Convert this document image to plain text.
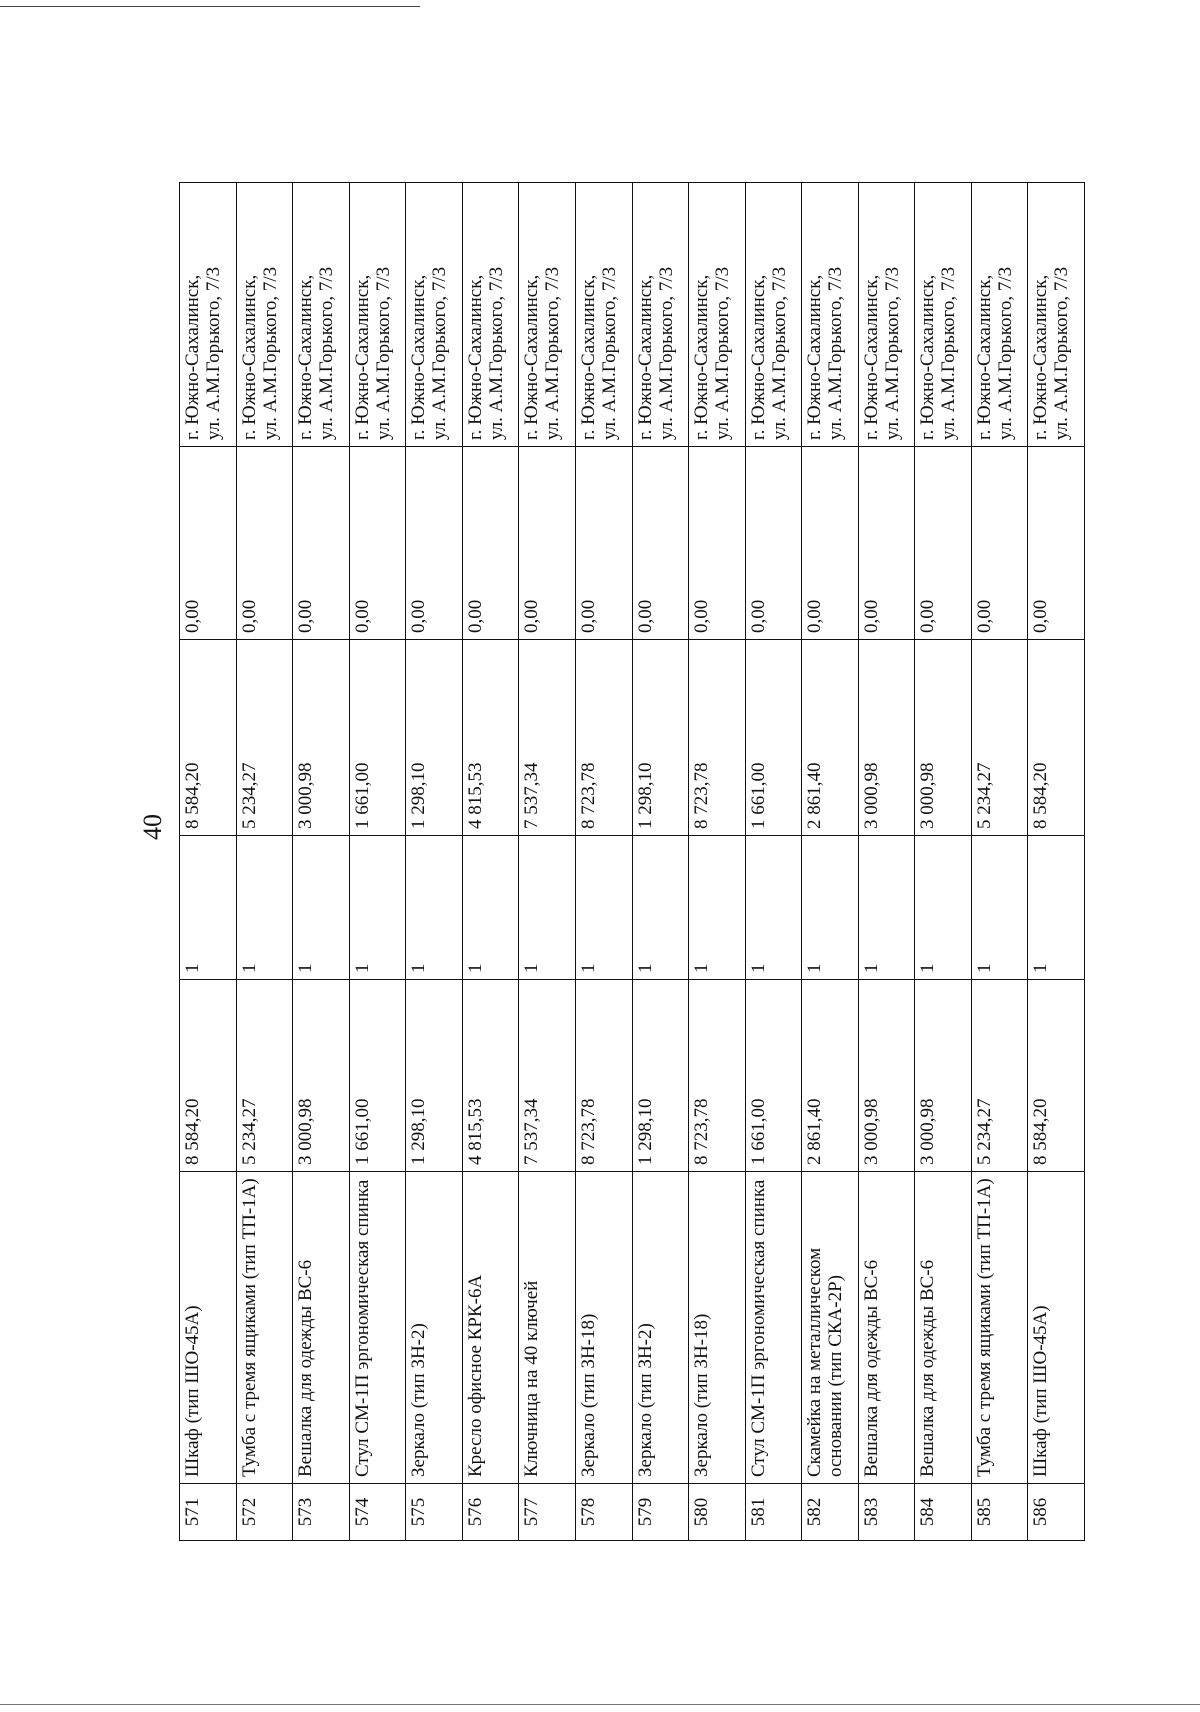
40
571	Шкаф (тип ШО-45А)	8 584,20	1	8 584,20	0,00	г. Южно-Сахалинск, ул. А.М.Горького, 7/3

572	Тумба с тремя ящиками (тип ТП-1А)	5 234,27	1	5 234,27	0,00	г. Южно-Сахалинск, ул. А.М.Горького, 7/3

573	Вешалка для одежды ВС-6	3 000,98	1	3 000,98	0,00	г. Южно-Сахалинск, ул. А.М.Горького, 7/3

574	Стул СМ-1П эргономическая спинка	1 661,00	1	1 661,00	0,00	г. Южно-Сахалинск, ул. А.М.Горького, 7/3

575	Зеркало (тип ЗН-2)	1 298,10	1	1 298,10	0,00	г. Южно-Сахалинск, ул. А.М.Горького, 7/3

576	Кресло офисное КРК-6А	4 815,53	1	4 815,53	0,00	г. Южно-Сахалинск, ул. А.М.Горького, 7/3

577	Ключница на 40 ключей	7 537,34	1	7 537,34	0,00	г. Южно-Сахалинск, ул. А.М.Горького, 7/3

578	Зеркало (тип ЗН-18)	8 723,78	1	8 723,78	0,00	г. Южно-Сахалинск, ул. А.М.Горького, 7/3

579	Зеркало (тип ЗН-2)	1 298,10	1	1 298,10	0,00	г. Южно-Сахалинск, ул. А.М.Горького, 7/3

580	Зеркало (тип ЗН-18)	8 723,78	1	8 723,78	0,00	г. Южно-Сахалинск, ул. А.М.Горького, 7/3

581	Стул СМ-1П эргономическая спинка	1 661,00	1	1 661,00	0,00	г. Южно-Сахалинск, ул. А.М.Горького, 7/3

582	Скамейка на металлическом основании (тип СКА-2Р)	2 861,40	1	2 861,40	0,00	г. Южно-Сахалинск, ул. А.М.Горького, 7/3

583	Вешалка для одежды ВС-6	3 000,98	1	3 000,98	0,00	г. Южно-Сахалинск, ул. А.М.Горького, 7/3

584	Вешалка для одежды ВС-6	3 000,98	1	3 000,98	0,00	г. Южно-Сахалинск, ул. А.М.Горького, 7/3

585	Тумба с тремя ящиками (тип ТП-1А)	5 234,27	1	5 234,27	0,00	г. Южно-Сахалинск, ул. А.М.Горького, 7/3

586	Шкаф (тип ШО-45А)	8 584,20	1	8 584,20	0,00	г. Южно-Сахалинск, ул. А.М.Горького, 7/3
